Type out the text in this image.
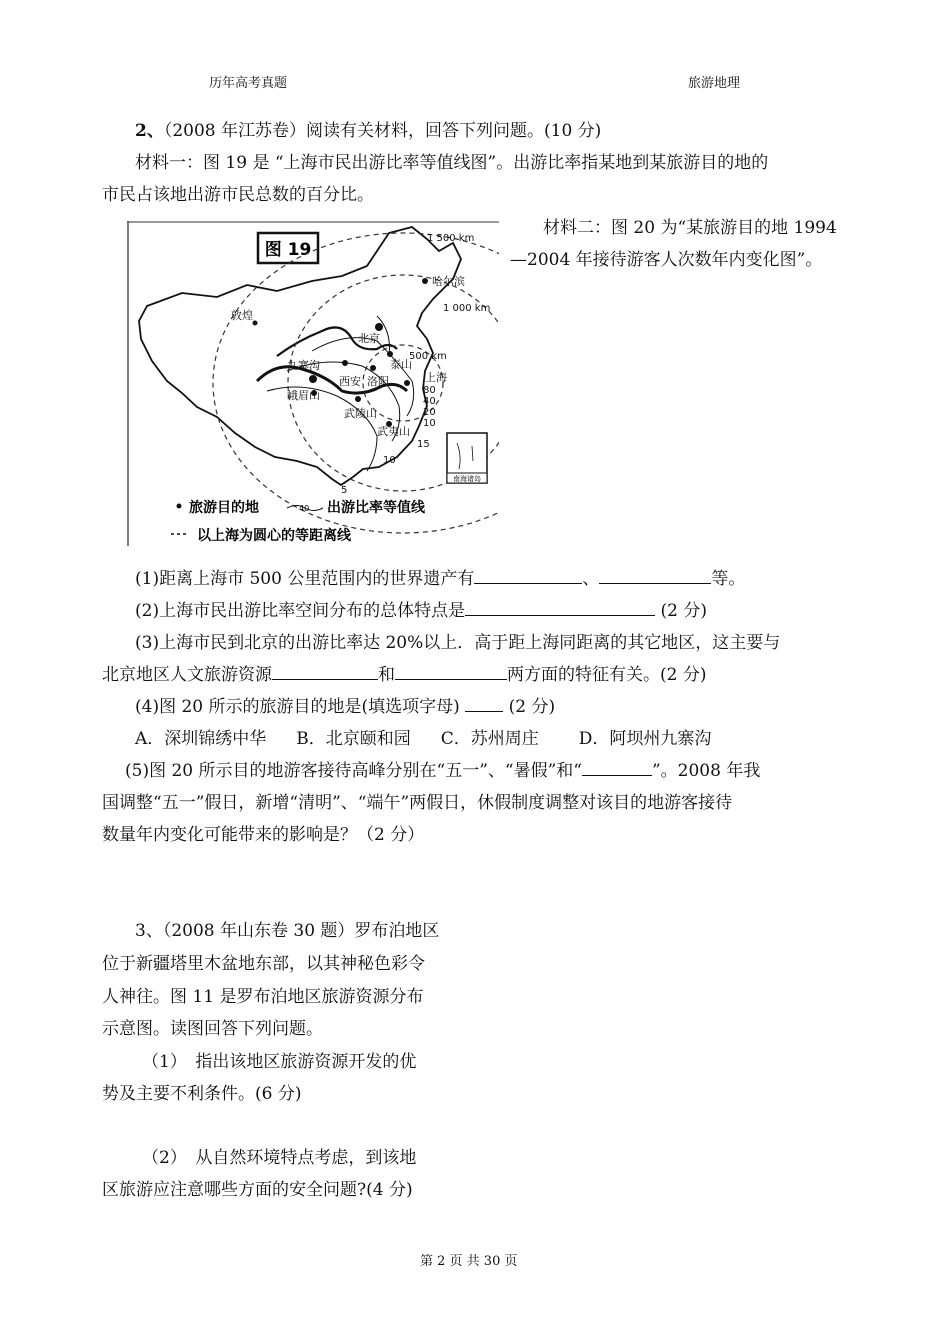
历年高考真题	旅游地理
2、（2008 年江苏卷）阅读有关材料，回答下列问题。(10 分)
材料一：图 19 是 “上海市民出游比率等值线图”。出游比率指某地到某旅游目的地的
市民占该地出游市民总数的百分比。
材料二：图 20 为“某旅游目的地 1994
—2004 年接待游客人次数年内变化图”。
图 19
哈尔滨
敦煌
北京
九寨沟	泰山
西安 洛阳	上海
峨眉山
武陵山
武夷山
1 500 km
1 000 km
500 km
80
40
20
10
15
10
5
南海诸岛
旅游目的地	40 出游比率等值线
以上海为圆心的等距离线
(1)距离上海市 500 公里范围内的世界遗产有	、	等。
(2)上海市民出游比率空间分布的总体特点是	(2 分)
(3)上海市民到北京的出游比率达 20%以上．高于距上海同距离的其它地区，这主要与
北京地区人文旅游资源	和	两方面的特征有关。(2 分)
(4)图 20 所示的旅游目的地是(填选项字母)	(2 分)
A．深圳锦绣中华 B．北京颐和园 C．苏州周庄 D．阿坝州九寨沟
(5)图 20 所示目的地游客接待高峰分别在“五一”、“暑假”和“	”。2008 年我
国调整“五一”假日，新增“清明”、“端午”两假日，休假制度调整对该目的地游客接待
数量年内变化可能带来的影响是？（2 分）
3、（2008 年山东卷 30 题）罗布泊地区
位于新疆塔里木盆地东部，以其神秘色彩令
人神往。图 11 是罗布泊地区旅游资源分布
示意图。读图回答下列问题。
（1）　指出该地区旅游资源开发的优
势及主要不利条件。(6 分)
（2）　从自然环境特点考虑，到该地
区旅游应注意哪些方面的安全问题?(4 分)
第 2 页 共 30 页
